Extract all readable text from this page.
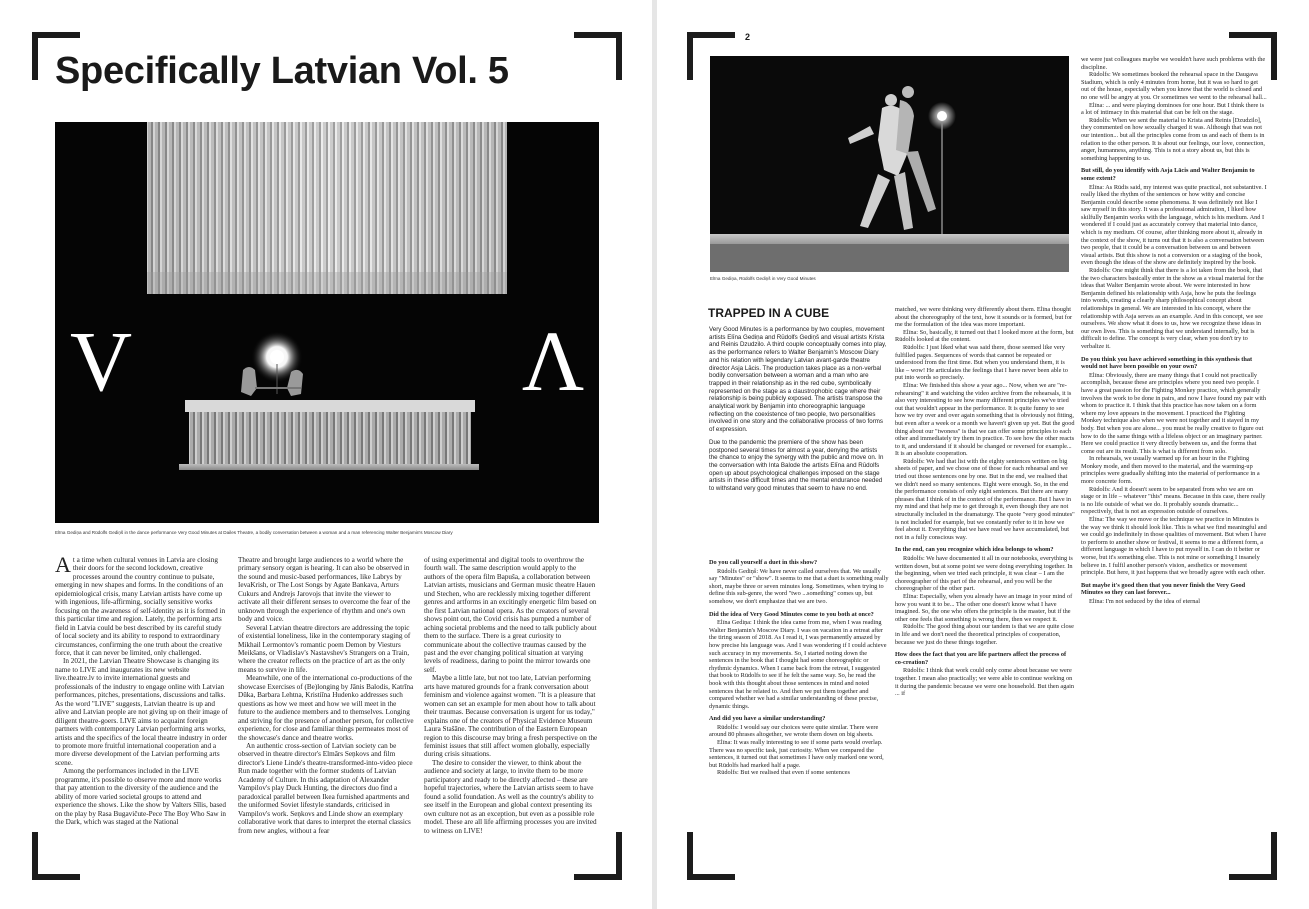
Specifically Latvian Vol. 5
V	Λ
Elīna Gediņa and Rūdolfs Gediņš in the dance performance Very Good Minutes at Dailes Theatre, a bodily conversation between a woman and a man referencing Walter Benjamin's Moscow Diary

At a time when cultural venues in Latvia are closing their doors for the second lockdown, creative processes around the country continue to pulsate, emerging in new shapes and forms. In the conditions of an epidemiological crisis, many Latvian artists have come up with ingenious, life-affirming, socially sensitive works focusing on the awareness of self-identity as it is formed in this particular time and region. Lately, the performing arts field in Latvia could be best described by its careful study of local society and its ability to respond to extraordinary circumstances, confirming the one truth about the creative force, that it can never be limited, only challenged.

In 2021, the Latvian Theatre Showcase is changing its name to LIVE and inaugurates its new website live.theatre.lv to invite international guests and professionals of the industry to engage online with Latvian performances, pitches, presentations, discussions and talks. As the word "LIVE" suggests, Latvian theatre is up and alive and Latvian people are not giving up on their image of diligent theatre-goers. LIVE aims to acquaint foreign partners with contemporary Latvian performing arts works, artists and the specifics of the local theatre industry in order to promote more fruitful international cooperation and a more diverse development of the Latvian performing arts scene.

Among the performances included in the LIVE programme, it's possible to observe more and more works that pay attention to the diversity of the audience and the ability of more varied societal groups to attend and experience the shows. Like the show by Valters Sīlis, based on the play by Rasa Bugavičute-Pece The Boy Who Saw in the Dark, which was staged at the National

Theatre and brought large audiences to a world where the primary sensory organ is hearing. It can also be observed in the sound and music-based performances, like Labrys by IevaKrish, or The Lost Songs by Agate Bankava, Arturs Cukurs and Andrejs Jarovojs that invite the viewer to activate all their different senses to overcome the fear of the unknown through the experience of rhythm and one's own body and voice.

Several Latvian theatre directors are addressing the topic of existential loneliness, like in the contemporary staging of Mikhail Lermontov's romantic poem Demon by Viesturs Meikšans, or Vladislav's Nastavshev's Strangers on a Train, where the creator reflects on the practice of art as the only means to survive in life.

Meanwhile, one of the international co-productions of the showcase Exercises of (Be)longing by Jānis Balodis, Katrīna Dūka, Barbara Lehtna, Kristiīna Hudenko addresses such questions as how we meet and how we will meet in the future to the audience members and to themselves. Longing and striving for the presence of another person, for collective experience, for close and familiar things permeates most of the showcase's dance and theatre works.

An authentic cross-section of Latvian society can be observed in theatre director's Elmārs Seņkovs and film director's Liene Linde's theatre-transformed-into-video piece Run made together with the former students of Latvian Academy of Culture. In this adaptation of Alexander Vampilov's play Duck Hunting, the directors duo find a paradoxical parallel between Ikea furnished apartments and the uniformed Soviet lifestyle standards, criticised in Vampilov's work. Seņkovs and Linde show an exemplary collaborative work that dares to interpret the eternal classics from new angles, without a fear

of using experimental and digital tools to overthrow the fourth wall. The same description would apply to the authors of the opera film Bapuša, a collaboration between Latvian artists, musicians and German music theatre Hauen und Stechen, who are recklessly mixing together different genres and artforms in an excitingly energetic film based on the first Latvian national opera. As the creators of several shows point out, the Covid crisis has pumped a number of aching societal problems and the need to talk publicly about them to the surface. There is a great curiosity to communicate about the collective traumas caused by the past and the ever changing political situation at varying levels of readiness, daring to point the mirror towards one self.

Maybe a little late, but not too late, Latvian performing arts have matured grounds for a frank conversation about feminism and violence against women. "It is a pleasure that women can set an example for men about how to talk about their traumas. Because conversation is urgent for us today," explains one of the creators of Physical Evidence Museum Laura Stašāne. The contribution of the Eastern European region to this discourse may bring a fresh perspective on the feminist issues that still affect women globally, especially during crisis situations.

The desire to consider the viewer, to think about the audience and society at large, to invite them to be more participatory and ready to be directly affected – these are hopeful trajectories, where the Latvian artists seem to have found a solid foundation. As well as the country's ability to see itself in the European and global context presenting its own culture not as an exception, but even as a possible role model. These are all life affirming processes you are invited to witness on LIVE!

2
Elīna Gediņa, Rūdolfs Gediņš in Very Good Minutes
TRAPPED IN A CUBE

Very Good Minutes is a performance by two couples, movement artists Elīna Gediņa and Rūdolfs Gediņš and visual artists Krista and Reinis Dzudzilo. A third couple conceptually comes into play, as the performance refers to Walter Benjamin's Moscow Diary and his relation with legendary Latvian avant-garde theatre director Asja Lācis. The production takes place as a non-verbal bodily conversation between a woman and a man who are trapped in their relationship as in the red cube, symbolically represented on the stage as a claustrophobic cage where their relationship is being publicly exposed. The artists transpose the analytical work by Benjamin into choreographic language reflecting on the coexistence of two people, two personalities involved in one story and the collaborative process of two forms of expression.

Due to the pandemic the premiere of the show has been postponed several times for almost a year, denying the artists the chance to enjoy the synergy with the public and move on. In the conversation with Inta Balode the artists Elīna and Rūdolfs open up about psychological challenges imposed on the stage artists in these difficult times and the mental endurance needed to withstand very good minutes that seem to have no end.

Do you call yourself a duet in this show?

Rūdolfs Gediņš: We have never called ourselves that. We usually say "Minutes" or "show". It seems to me that a duet is something really short, maybe three or seven minutes long. Sometimes, when trying to define this sub-genre, the word "two ...something" comes up, but somehow, we don't emphasize that we are two.

Did the idea of Very Good Minutes come to you both at once?

Elīna Gediņa: I think the idea came from me, when I was reading Walter Benjamin's Moscow Diary. I was on vacation in a retreat after the tiring season of 2018. As I read it, I was permanently amazed by how precise his language was. And I was wondering if I could achieve such accuracy in my movements. So, I started noting down the sentences in the book that I thought had some choreographic or rhythmic dynamics. When I came back from the retreat, I suggested that book to Rūdolfs to see if he felt the same way. So, he read the book with this thought about those sentences in mind and noted sentences that he related to. And then we put them together and compared whether we had a similar understanding of these precise, dynamic things.

And did you have a similar understanding?

Rūdolfs: I would say our choices were quite similar. There were around 80 phrases altogether, we wrote them down on big sheets.

Elīna: It was really interesting to see if some parts would overlap. There was no specific task, just curiosity. When we compared the sentences, it turned out that sometimes I have only marked one word, but Rūdolfs had marked half a page.

Rūdolfs: But we realised that even if some sentences

matched, we were thinking very differently about them. Elīna thought about the choreography of the text, how it sounds or is formed, but for me the formulation of the idea was more important.

Elīna: So, basically, it turned out that I looked more at the form, but Rūdolfs looked at the content.

Rūdolfs: I just liked what was said there, those seemed like very fulfilled pages. Sequences of words that cannot be repeated or understood from the first time. But when you understand them, it is like – wow! He articulates the feelings that I have never been able to put into words so precisely.

Elīna: We finished this show a year ago... Now, when we are "re-rehearsing" it and watching the video archive from the rehearsals, it is also very interesting to see how many different principles we've tried out that wouldn't appear in the performance. It is quite funny to see how we try over and over again something that is obviously not fitting, but even after a week or a month we haven't given up yet. But the good thing about our "twoness" is that we can offer some principles to each other and immediately try them in practice. To see how the other reacts to it, and understand if it should be changed or reversed for example... It is an absolute cooperation.

Rūdolfs: We had that list with the eighty sentences written on big sheets of paper, and we chose one of those for each rehearsal and we tried out those sentences one by one. But in the end, we realised that we didn't need so many sentences. Eight were enough. So, in the end the performance consists of only eight sentences. But there are many phrases that I think of in the context of the performance. But I have in my mind and that help me to get through it, even though they are not structurally included in the dramaturgy. The quote "very good minutes" is not included for example, but we constantly refer to it in how we feel about it. Everything that we have read we have accumulated, but not in a fully conscious way.

In the end, can you recognize which idea belongs to whom?

Rūdolfs: We have documented it all in our notebooks, everything is written down, but at some point we were doing everything together. In the beginning, when we tried each principle, it was clear – I am the choreographer of this part of the rehearsal, and you will be the choreographer of the other part.

Elīna: Especially, when you already have an image in your mind of how you want it to be... The other one doesn't know what I have imagined. So, the one who offers the principle is the master, but if the other one feels that something is wrong there, then we respect it.

Rūdolfs: The good thing about our tandem is that we are quite close in life and we don't need the theoretical principles of cooperation, because we just do these things together.

How does the fact that you are life partners affect the process of co-creation?

Rūdolfs: I think that work could only come about because we were together. I mean also practically; we were able to continue working on it during the pandemic because we were one household. But then again ... if

we were just colleagues maybe we wouldn't have such problems with the discipline.

Rūdolfs: We sometimes booked the rehearsal space in the Daugava Stadium, which is only 4 minutes from home, but it was so hard to get out of the house, especially when you know that the world is closed and no one will be angry at you. Or sometimes we went to the rehearsal hall...

Elīna: ... and were playing dominoes for one hour. But I think there is a lot of intimacy in this material that can be felt on the stage.

Rūdolfs: When we sent the material to Krista and Reinis [Dzudzilo], they commented on how sexually charged it was. Although that was not our intention... but all the principles come from us and each of them is in relation to the other person. It is about our feelings, our love, connection, anger, humanness, anything. This is not a story about us, but this is something happening to us.

But still, do you identify with Asja Lācis and Walter Benjamin to some extent?

Elīna: As Rūdis said, my interest was quite practical, not substantive. I really liked the rhythm of the sentences or how witty and concise Benjamin could describe some phenomena. It was definitely not like I saw myself in this story. It was a professional admiration, I liked how skilfully Benjamin works with the language, which is his medium. And I wondered if I could just as accurately convey that material into dance, which is my medium. Of course, after thinking more about it, already in the context of the show, it turns out that it is also a conversation between two people, that it could be a conversation between us and between visual artists. But this show is not a conversion or a staging of the book, even though the ideas of the show are definitely inspired by the book.

Rūdolfs: One might think that there is a lot taken from the book, that the two characters basically enter in the show as a visual material for the ideas that Walter Benjamin wrote about. We were interested in how Benjamin defined his relationship with Asja, how he puts the feelings into words, creating a clearly sharp philosophical concept about relationships in general. We are interested in his concept, where the relationship with Asja serves as an example. And in this concept, we see ourselves. We show what it does to us, how we recognize these ideas in our own lives. This is something that we understand internally, but is difficult to define. The concept is very clear, when you don't try to verbalize it.

Do you think you have achieved something in this synthesis that would not have been possible on your own?

Elīna: Obviously, there are many things that I could not practically accomplish, because these are principles where you need two people. I have a great passion for the Fighting Monkey practice, which generally involves the work to be done in pairs, and now I have found my pair with whom to practice it. I think that this practice has now taken on a form where my love appears in the movement. I practiced the Fighting Monkey technique also when we were not together and it stayed in my body. But when you are alone... you must be really creative to figure out how to do the same things with a lifeless object or an imaginary partner. Here we could practice it very directly between us, and the forms that come out are its result. This is what is different from solo.

In rehearsals, we usually warmed up for an hour in the Fighting Monkey mode, and then moved to the material, and the warming-up principles were gradually shifting into the material of performance in a more concrete form.

Rūdolfs: And it doesn't seem to be separated from who we are on stage or in life – whatever "this" means. Because in this case, there really is no life outside of what we do. It probably sounds dramatic... respectively, that is not an expression outside of ourselves.

Elīna: The way we move or the technique we practice in Minutes is the way we think it should look like. This is what we find meaningful and we could go indefinitely in those qualities of movement. But when I have to perform to another show or festival, it seems to me a different form, a different language in which I have to put myself in. I can do it better or worse, but it's something else. This is not mine or something I insanely believe in. I fulfil another person's vision, aesthetics or movement principle. But here, it just happens that we broadly agree with each other.

But maybe it's good then that you never finish the Very Good Minutes so they can last forever...

Elīna: I'm not seduced by the idea of eternal
